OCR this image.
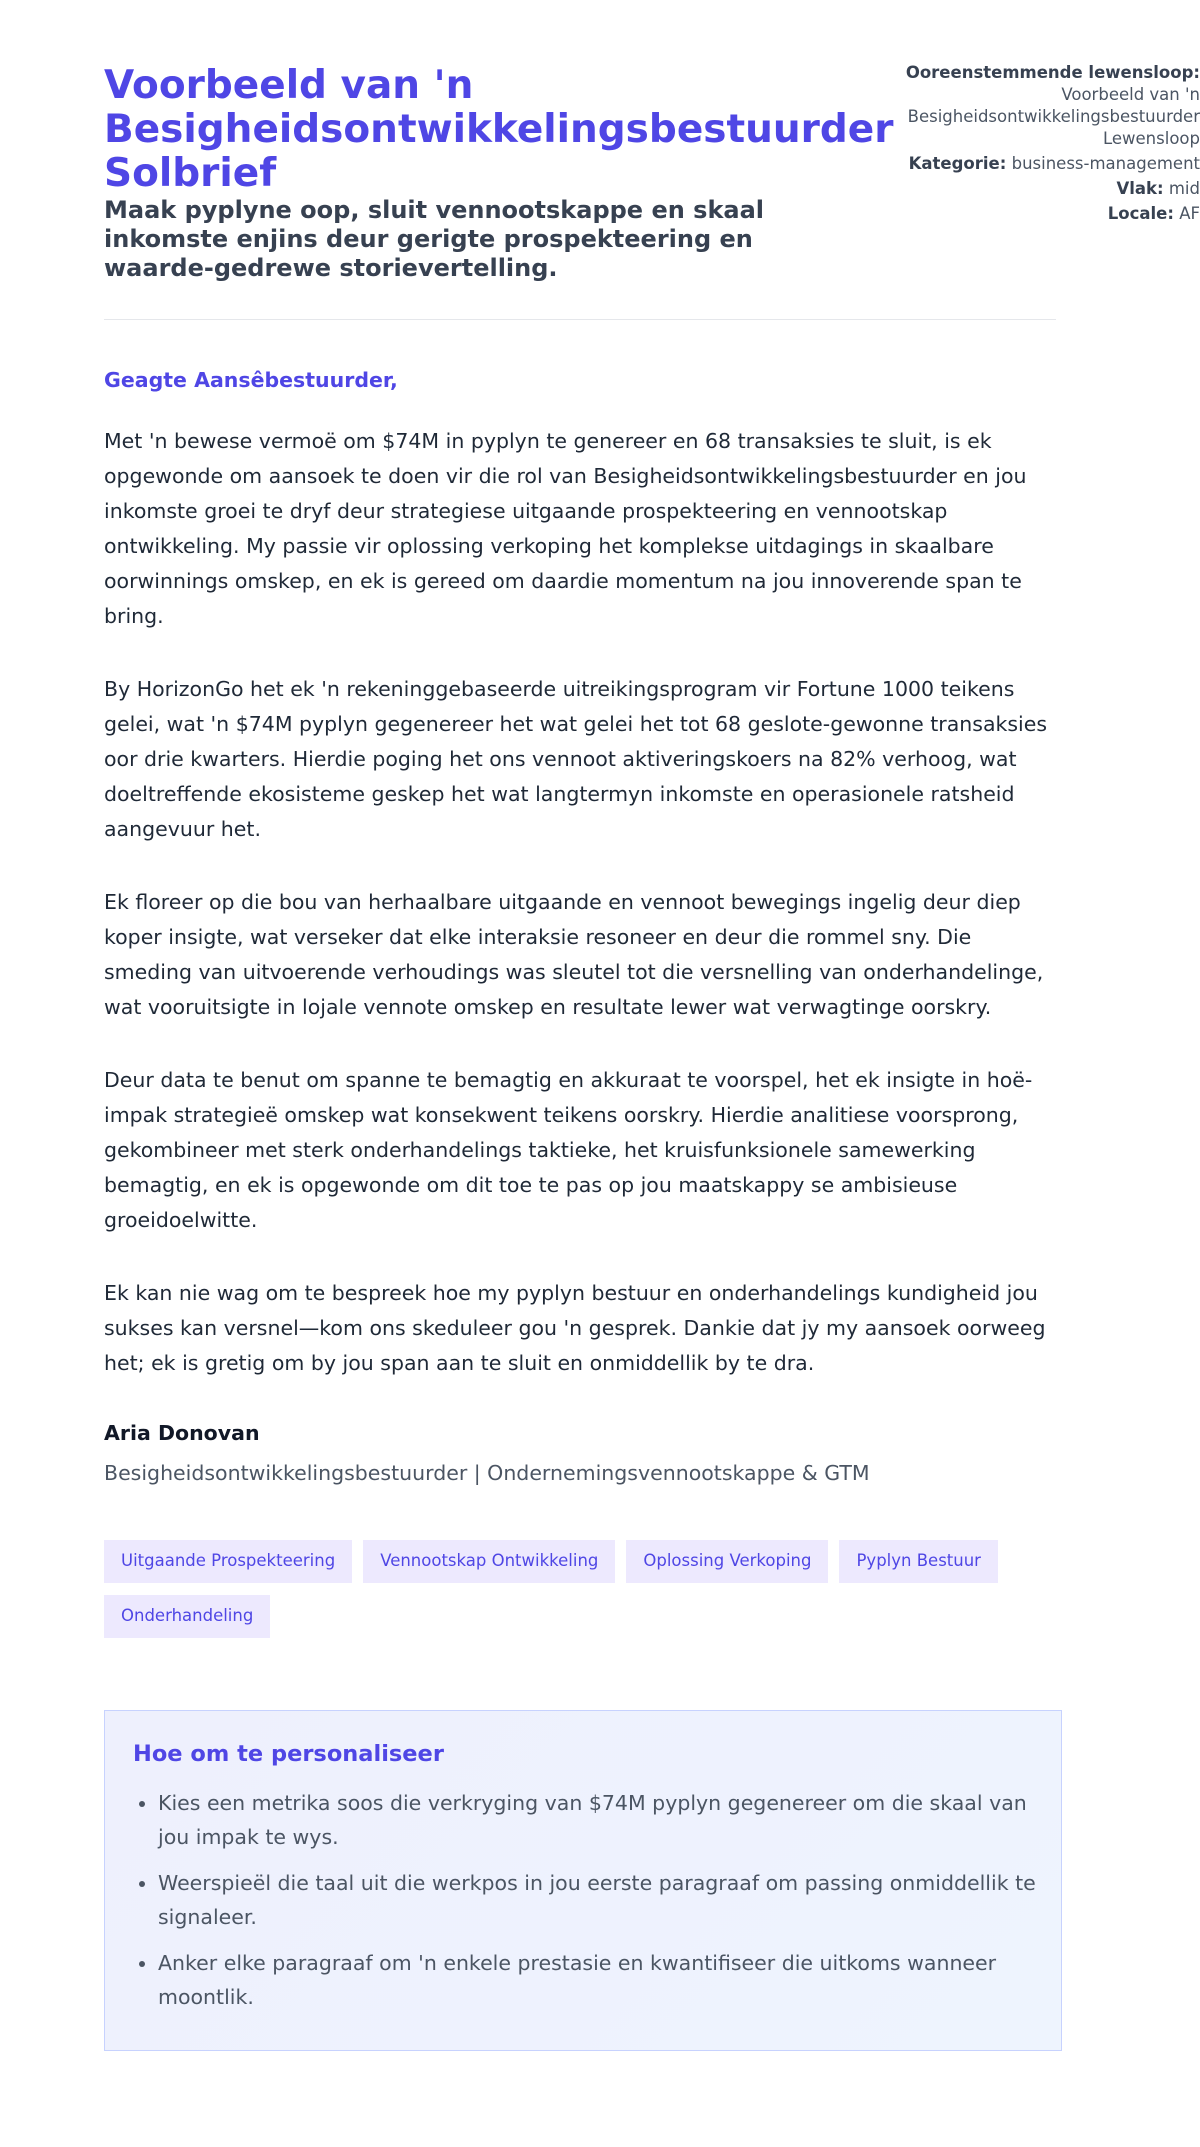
Ooreenstemmende lewensloop: Voorbeeld van 'n Besigheidsontwikkelingsbestuurder Lewensloop
Kategorie: business-management
Vlak: mid
Locale: AF
Voorbeeld van 'n Besigheidsontwikkelingsbestuurder Solbrief
Maak pyplyne oop, sluit vennootskappe en skaal inkomste enjins deur gerigte prospekteering en waarde-gedrewe storievertelling.

Geagte Aansêbestuurder,

Met 'n bewese vermoë om $74M in pyplyn te genereer en 68 transaksies te sluit, is ek opgewonde om aansoek te doen vir die rol van Besigheidsontwikkelingsbestuurder en jou inkomste groei te dryf deur strategiese uitgaande prospekteering en vennootskap ontwikkeling. My passie vir oplossing verkoping het komplekse uitdagings in skaalbare oorwinnings omskep, en ek is gereed om daardie momentum na jou innoverende span te bring.

By HorizonGo het ek 'n rekeninggebaseerde uitreikingsprogram vir Fortune 1000 teikens gelei, wat 'n $74M pyplyn gegenereer het wat gelei het tot 68 geslote-gewonne transaksies oor drie kwarters. Hierdie poging het ons vennoot aktiveringskoers na 82% verhoog, wat doeltreffende ekosisteme geskep het wat langtermyn inkomste en operasionele ratsheid aangevuur het.

Ek floreer op die bou van herhaalbare uitgaande en vennoot bewegings ingelig deur diep koper insigte, wat verseker dat elke interaksie resoneer en deur die rommel sny. Die smeding van uitvoerende verhoudings was sleutel tot die versnelling van onderhandelinge, wat vooruitsigte in lojale vennote omskep en resultate lewer wat verwagtinge oorskry.

Deur data te benut om spanne te bemagtig en akkuraat te voorspel, het ek insigte in hoë-impak strategieë omskep wat konsekwent teikens oorskry. Hierdie analitiese voorsprong, gekombineer met sterk onderhandelings taktieke, het kruisfunksionele samewerking bemagtig, en ek is opgewonde om dit toe te pas op jou maatskappy se ambisieuse groeidoelwitte.

Ek kan nie wag om te bespreek hoe my pyplyn bestuur en onderhandelings kundigheid jou sukses kan versnel—kom ons skeduleer gou 'n gesprek. Dankie dat jy my aansoek oorweeg het; ek is gretig om by jou span aan te sluit en onmiddellik by te dra.

Aria Donovan

Besigheidsontwikkelingsbestuurder | Ondernemingsvennootskappe & GTM

Uitgaande Prospekteering	Vennootskap Ontwikkeling	Oplossing Verkoping	Pyplyn Bestuur
Onderhandeling
Hoe om te personaliseer
• Kies een metrika soos die verkryging van $74M pyplyn gegenereer om die skaal van jou impak te wys.
• Weerspieël die taal uit die werkpos in jou eerste paragraaf om passing onmiddellik te signaleer.
• Anker elke paragraaf om 'n enkele prestasie en kwantifiseer die uitkoms wanneer moontlik.
